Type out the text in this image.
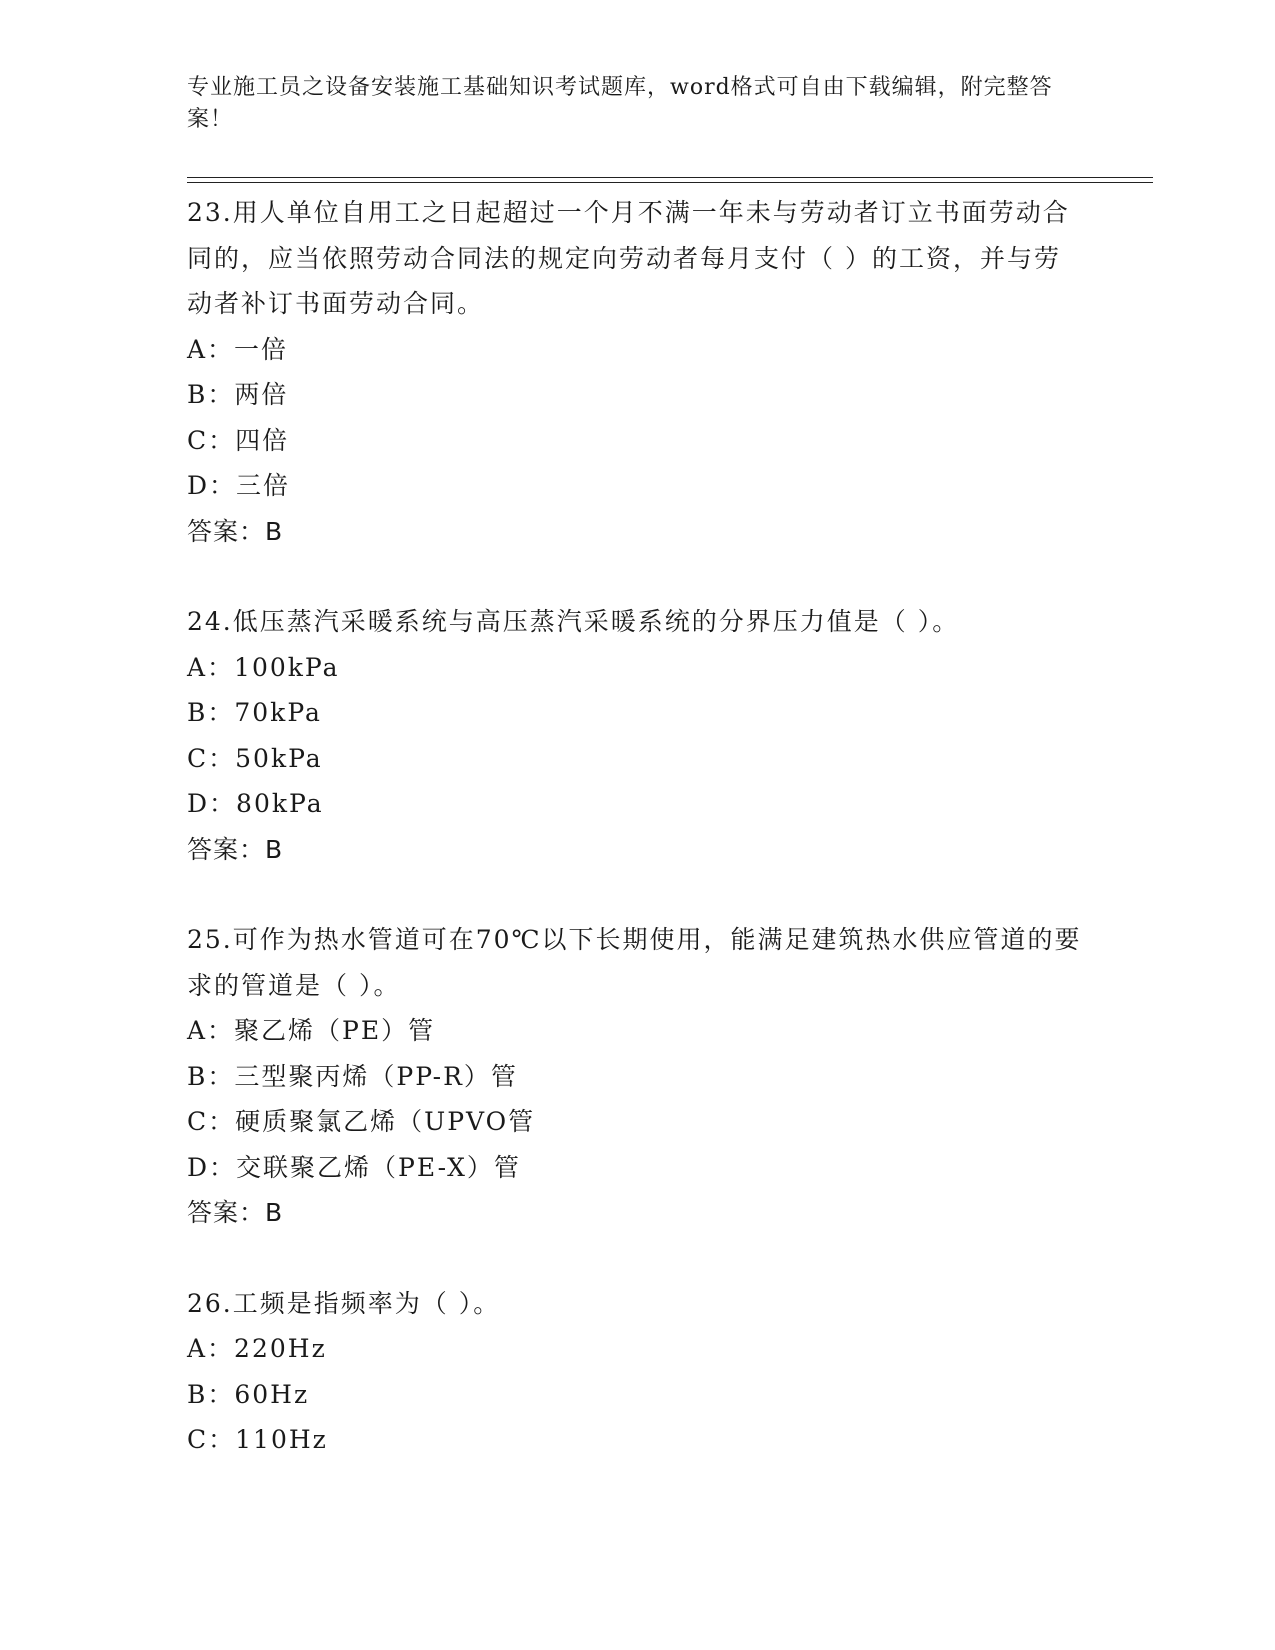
专业施工员之设备安装施工基础知识考试题库，word格式可自由下载编辑，附完整答案！
23.用人单位自用工之日起超过一个月不满一年未与劳动者订立书面劳动合同的，应当依照劳动合同法的规定向劳动者每月支付（ ）的工资，并与劳动者补订书面劳动合同。
A：一倍
B：两倍
C：四倍
D：三倍
答案：B
24.低压蒸汽采暖系统与高压蒸汽采暖系统的分界压力值是（ ）。
A：100kPa
B：70kPa
C：50kPa
D：80kPa
答案：B
25.可作为热水管道可在70℃以下长期使用，能满足建筑热水供应管道的要求的管道是（ ）。
A：聚乙烯（PE）管
B：三型聚丙烯（PP-R）管
C：硬质聚氯乙烯（UPVO管
D：交联聚乙烯（PE-X）管
答案：B
26.工频是指频率为（ ）。
A：220Hz
B：60Hz
C：110Hz
